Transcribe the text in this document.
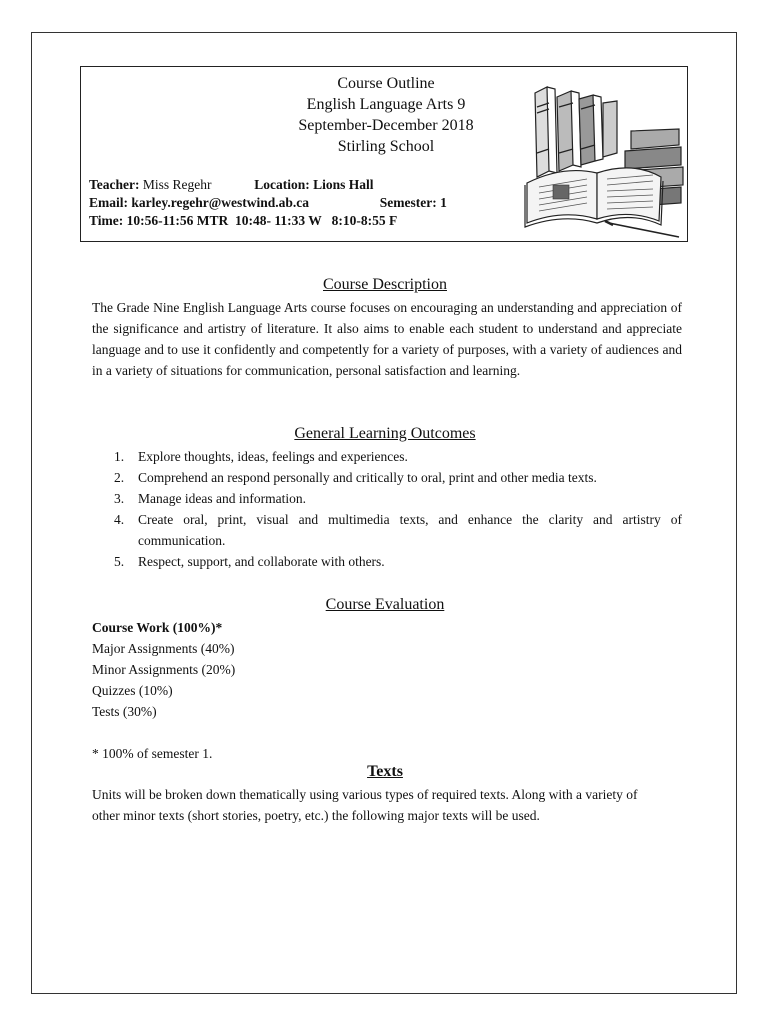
Course Outline
English Language Arts 9
September-December 2018
Stirling School
Teacher: Miss Regehr	Location: Lions Hall
Email: karley.regehr@westwind.ab.ca	Semester: 1
Time: 10:56-11:56 MTR  10:48- 11:33 W   8:10-8:55 F
Course Description

The Grade Nine English Language Arts course focuses on encouraging an understanding and appreciation of the significance and artistry of literature. It also aims to enable each student to understand and appreciate language and to use it confidently and competently for a variety of purposes, with a variety of audiences and in a variety of situations for communication, personal satisfaction and learning.

General Learning Outcomes
1. Explore thoughts, ideas, feelings and experiences.
2. Comprehend an respond personally and critically to oral, print and other media texts.
3. Manage ideas and information.
4. Create oral, print, visual and multimedia texts, and enhance the clarity and artistry of communication.
5. Respect, support, and collaborate with others.
Course Evaluation
Course Work (100%)*
Major Assignments (40%)
Minor Assignments (20%)
Quizzes (10%)
Tests (30%)
* 100% of semester 1.
Texts

Units will be broken down thematically using various types of required texts. Along with a variety of other minor texts (short stories, poetry, etc.) the following major texts will be used.
